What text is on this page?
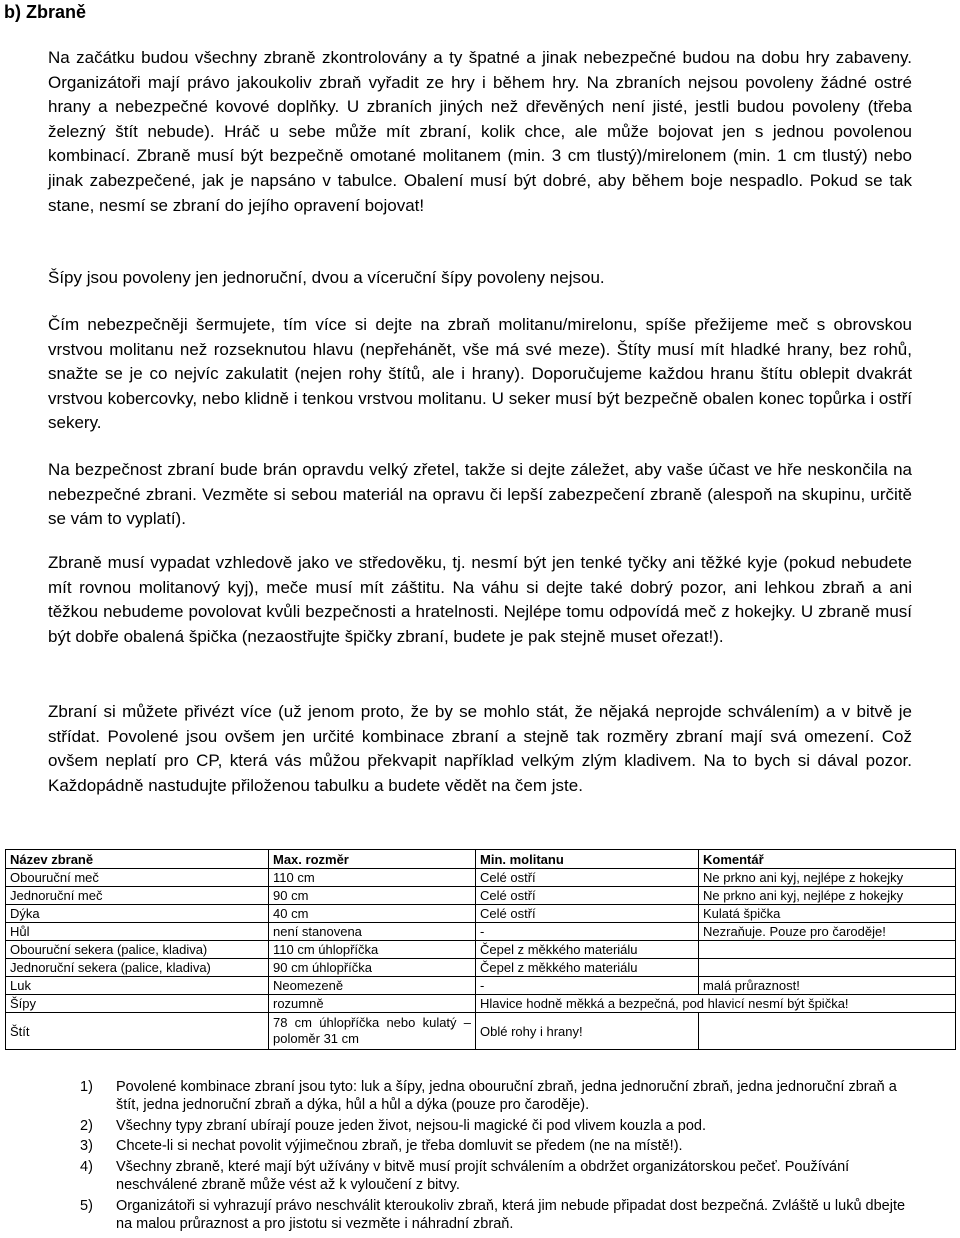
b) Zbraně

Na začátku budou všechny zbraně zkontrolovány a ty špatné a jinak nebezpečné budou na dobu hry zabaveny. Organizátoři mají právo jakoukoliv zbraň vyřadit ze hry i během hry. Na zbraních nejsou povoleny žádné ostré hrany a nebezpečné kovové doplňky. U zbraních jiných než dřevěných není jisté, jestli budou povoleny (třeba železný štít nebude). Hráč u sebe může mít zbraní, kolik chce, ale může bojovat jen s jednou povolenou kombinací. Zbraně musí být bezpečně omotané molitanem (min. 3 cm tlustý)/mirelonem (min. 1 cm tlustý) nebo jinak zabezpečené, jak je napsáno v tabulce. Obalení musí být dobré, aby během boje nespadlo. Pokud se tak stane, nesmí se zbraní do jejího opravení bojovat!

Šípy jsou povoleny jen jednoruční, dvou a víceruční šípy povoleny nejsou.

Čím nebezpečněji šermujete, tím více si dejte na zbraň molitanu/mirelonu, spíše přežijeme meč s obrovskou vrstvou molitanu než rozseknutou hlavu (nepřehánět, vše má své meze). Štíty musí mít hladké hrany, bez rohů, snažte se je co nejvíc zakulatit (nejen rohy štítů, ale i hrany). Doporučujeme každou hranu štítu oblepit dvakrát vrstvou kobercovky, nebo klidně i tenkou vrstvou molitanu. U seker musí být bezpečně obalen konec topůrka i ostří sekery.

Na bezpečnost zbraní bude brán opravdu velký zřetel, takže si dejte záležet, aby vaše účast ve hře neskončila na nebezpečné zbrani. Vezměte si sebou materiál na opravu či lepší zabezpečení zbraně (alespoň na skupinu, určitě se vám to vyplatí).

Zbraně musí vypadat vzhledově jako ve středověku, tj. nesmí být jen tenké tyčky ani těžké kyje (pokud nebudete mít rovnou molitanový kyj), meče musí mít záštitu. Na váhu si dejte také dobrý pozor, ani lehkou zbraň a ani těžkou nebudeme povolovat kvůli bezpečnosti a hratelnosti. Nejlépe tomu odpovídá meč z hokejky. U zbraně musí být dobře obalená špička (nezaostřujte špičky zbraní, budete je pak stejně muset ořezat!).

Zbraní si můžete přivézt více (už jenom proto, že by se mohlo stát, že nějaká neprojde schválením) a v bitvě je střídat. Povolené jsou ovšem jen určité kombinace zbraní a stejně tak rozměry zbraní mají svá omezení. Což ovšem neplatí pro CP, která vás můžou překvapit například velkým zlým kladivem. Na to bych si dával pozor. Každopádně nastudujte přiloženou tabulku a budete vědět na čem jste.

Název zbraně	Max. rozměr	Min. molitanu	Komentář
Obouruční meč	110 cm	Celé ostří	Ne prkno ani kyj, nejlépe z hokejky
Jednoruční meč	90 cm	Celé ostří	Ne prkno ani kyj, nejlépe z hokejky
Dýka	40 cm	Celé ostří	Kulatá špička
Hůl	není stanovena	-	Nezraňuje. Pouze pro čaroděje!
Obouruční sekera (palice, kladiva)	110 cm úhlopříčka	Čepel z měkkého materiálu	
Jednoruční sekera (palice, kladiva)	90 cm úhlopříčka	Čepel z měkkého materiálu	
Luk	Neomezeně	-	malá průraznost!
Šípy	rozumně	Hlavice hodně měkká a bezpečná, pod hlavicí nesmí být špička!	
Štít	78 cm úhlopříčka nebo kulatý – poloměr 31 cm	Oblé rohy i hrany!	
1) Povolené kombinace zbraní jsou tyto: luk a šípy, jedna obouruční zbraň, jedna jednoruční zbraň, jedna jednoruční zbraň a štít, jedna jednoruční zbraň a dýka, hůl a hůl a dýka (pouze pro čaroděje).
2) Všechny typy zbraní ubírají pouze jeden život, nejsou-li magické či pod vlivem kouzla a pod.
3) Chcete-li si nechat povolit výjimečnou zbraň, je třeba domluvit se předem (ne na místě!).
4) Všechny zbraně, které mají být užívány v bitvě musí projít schválením a obdržet organizátorskou pečeť. Používání neschválené zbraně může vést až k vyloučení z bitvy.
5) Organizátoři si vyhrazují právo neschválit kteroukoliv zbraň, která jim nebude připadat dost bezpečná. Zvláště u luků dbejte na malou průraznost a pro jistotu si vezměte i náhradní zbraň.
